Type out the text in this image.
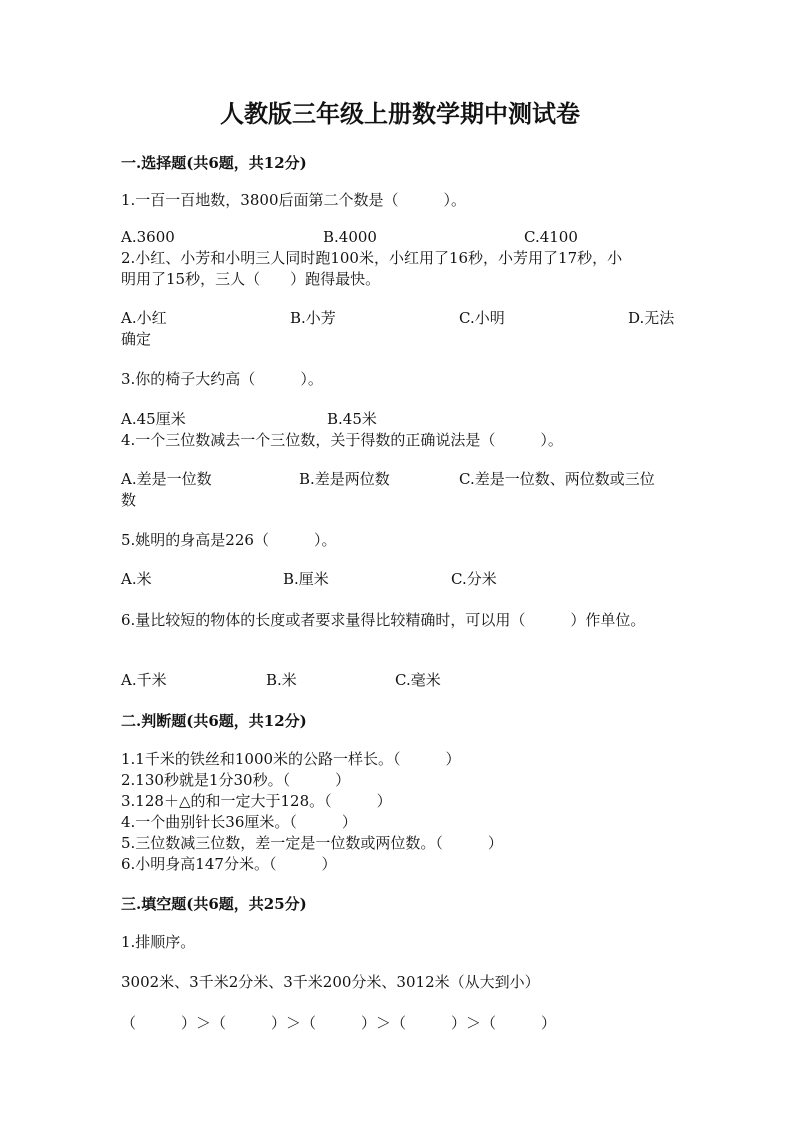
人教版三年级上册数学期中测试卷
一.选择题(共6题，共12分)
1.一百一百地数，3800后面第二个数是（　　　）。
A.3600	B.4000	C.4100
2.小红、小芳和小明三人同时跑100米，小红用了16秒，小芳用了17秒，小
明用了15秒，三人（　　）跑得最快。
A.小红	B.小芳	C.小明	D.无法
确定
3.你的椅子大约高（　　　）。
A.45厘米	B.45米
4.一个三位数减去一个三位数，关于得数的正确说法是（　　　）。
A.差是一位数	B.差是两位数	C.差是一位数、两位数或三位
数
5.姚明的身高是226（　　　）。
A.米	B.厘米	C.分米
6.量比较短的物体的长度或者要求量得比较精确时，可以用（　　　）作单位。
A.千米	B.米	C.毫米
二.判断题(共6题，共12分)
1.1千米的铁丝和1000米的公路一样长。（　　　）
2.130秒就是1分30秒。（　　　）
3.128＋△的和一定大于128。（　　　）
4.一个曲别针长36厘米。（　　　）
5.三位数减三位数，差一定是一位数或两位数。（　　　）
6.小明身高147分米。（　　　）
三.填空题(共6题，共25分)
1.排顺序。
3002米、3千米2分米、3千米200分米、3012米（从大到小）
（　　　）＞（　　　）＞（　　　）＞（　　　）＞（　　　）
